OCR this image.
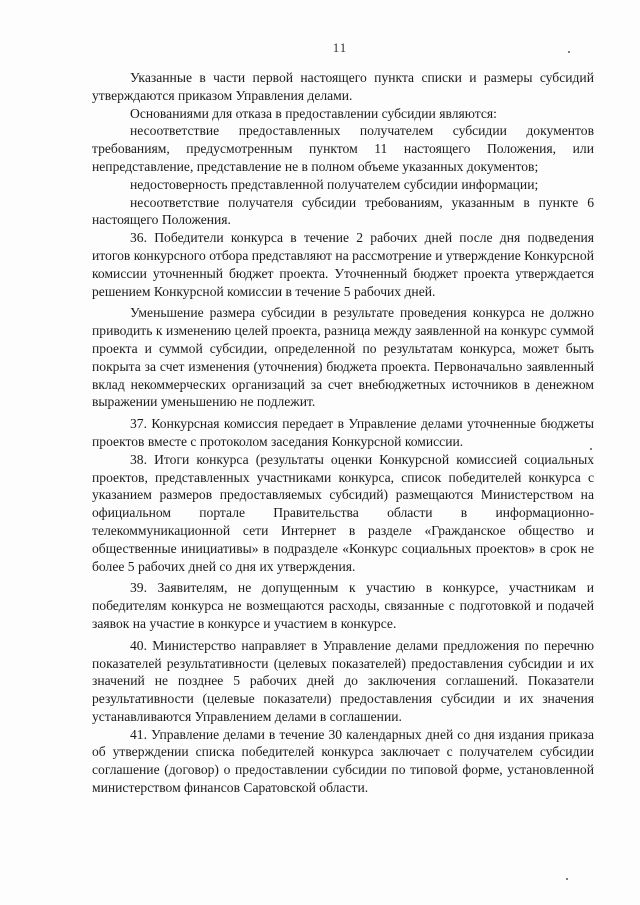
11

Указанные в части первой настоящего пункта списки и размеры субсидий утверждаются приказом Управления делами.

Основаниями для отказа в предоставлении субсидии являются:

несоответствие предоставленных получателем субсидии документов требованиям, предусмотренным пунктом 11 настоящего Положения, или непредставление, представление не в полном объеме указанных документов;

недостоверность представленной получателем субсидии информации;

несоответствие получателя субсидии требованиям, указанным в пункте 6 настоящего Положения.

36. Победители конкурса в течение 2 рабочих дней после дня подведения итогов конкурсного отбора представляют на рассмотрение и утверждение Конкурсной комиссии уточненный бюджет проекта. Уточненный бюджет проекта утверждается решением Конкурсной комиссии в течение 5 рабочих дней.

Уменьшение размера субсидии в результате проведения конкурса не должно приводить к изменению целей проекта, разница между заявленной на конкурс суммой проекта и суммой субсидии, определенной по результатам конкурса, может быть покрыта за счет изменения (уточнения) бюджета проекта. Первоначально заявленный вклад некоммерческих организаций за счет внебюджетных источников в денежном выражении уменьшению не подлежит.

37. Конкурсная комиссия передает в Управление делами уточненные бюджеты проектов вместе с протоколом заседания Конкурсной комиссии.

38. Итоги конкурса (результаты оценки Конкурсной комиссией социальных проектов, представленных участниками конкурса, список победителей конкурса с указанием размеров предоставляемых субсидий) размещаются Министерством на официальном портале Правительства области в информационно-телекоммуникационной сети Интернет в разделе «Гражданское общество и общественные инициативы» в подразделе «Конкурс социальных проектов» в срок не более 5 рабочих дней со дня их утверждения.

39. Заявителям, не допущенным к участию в конкурсе, участникам и победителям конкурса не возмещаются расходы, связанные с подготовкой и подачей заявок на участие в конкурсе и участием в конкурсе.

40. Министерство направляет в Управление делами предложения по перечню показателей результативности (целевых показателей) предоставления субсидии и их значений не позднее 5 рабочих дней до заключения соглашений. Показатели результативности (целевые показатели) предоставления субсидии и их значения устанавливаются Управлением делами в соглашении.

41. Управление делами в течение 30 календарных дней со дня издания приказа об утверждении списка победителей конкурса заключает с получателем субсидии соглашение (договор) о предоставлении субсидии по типовой форме, установленной министерством финансов Саратовской области.
